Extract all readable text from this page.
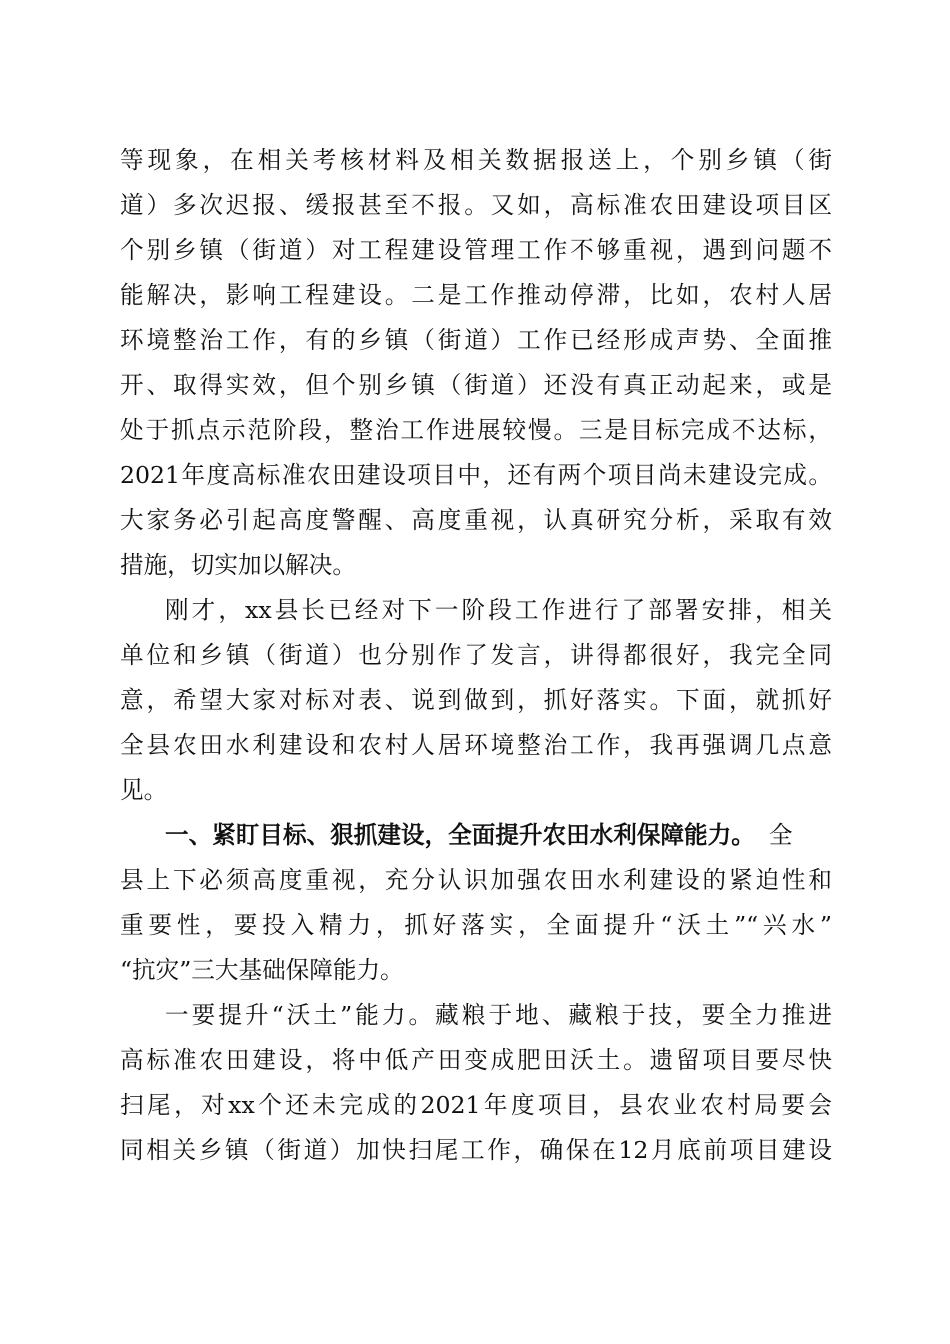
等现象，在相关考核材料及相关数据报送上，个别乡镇（街
道）多次迟报、缓报甚至不报。又如，高标准农田建设项目区
个别乡镇（街道）对工程建设管理工作不够重视，遇到问题不
能解决，影响工程建设。二是工作推动停滞，比如，农村人居
环境整治工作，有的乡镇（街道）工作已经形成声势、全面推
开、取得实效，但个别乡镇（街道）还没有真正动起来，或是
处于抓点示范阶段，整治工作进展较慢。三是目标完成不达标，
2021年度高标准农田建设项目中，还有两个项目尚未建设完成。
大家务必引起高度警醒、高度重视，认真研究分析，采取有效
措施，切实加以解决。
刚才，xx县长已经对下一阶段工作进行了部署安排，相关
单位和乡镇（街道）也分别作了发言，讲得都很好，我完全同
意，希望大家对标对表、说到做到，抓好落实。下面，就抓好
全县农田水利建设和农村人居环境整治工作，我再强调几点意
见。
一、紧盯目标、狠抓建设，全面提升农田水利保障能力。 全
县上下必须高度重视，充分认识加强农田水利建设的紧迫性和
重要性，要投入精力，抓好落实，全面提升“沃土”“兴水”
“抗灾”三大基础保障能力。
一要提升“沃土”能力。藏粮于地、藏粮于技，要全力推进
高标准农田建设，将中低产田变成肥田沃土。遗留项目要尽快
扫尾，对xx个还未完成的2021年度项目，县农业农村局要会
同相关乡镇（街道）加快扫尾工作，确保在12月底前项目建设
